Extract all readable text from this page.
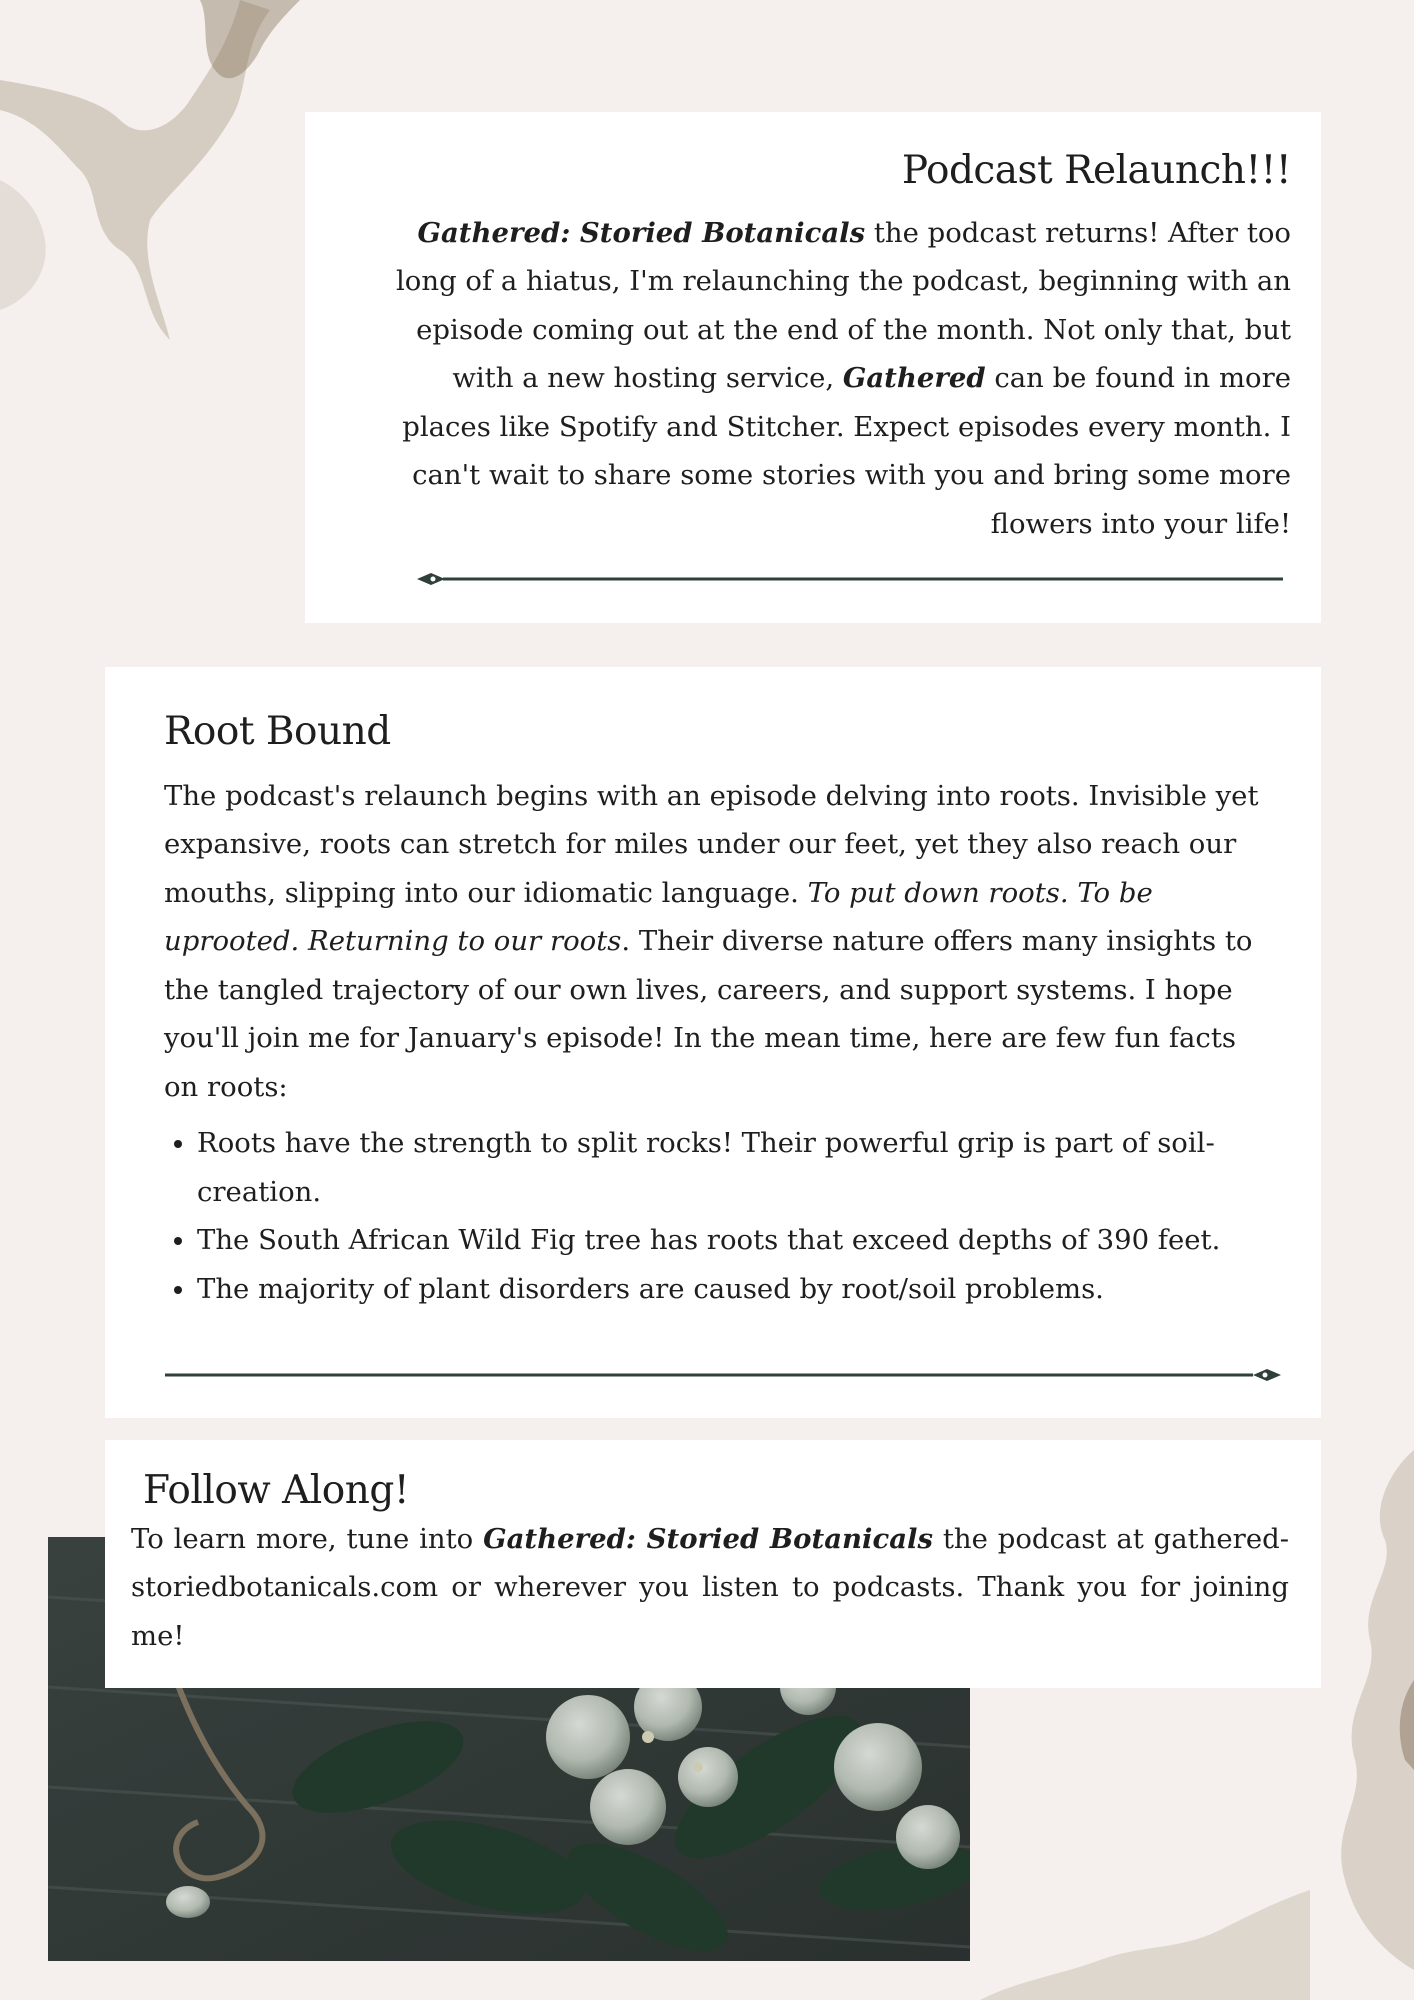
Podcast Relaunch!!!

Gathered: Storied Botanicals the podcast returns! After too long of a hiatus, I'm relaunching the podcast, beginning with an episode coming out at the end of the month. Not only that, but with a new hosting service, Gathered can be found in more places like Spotify and Stitcher. Expect episodes every month. I can't wait to share some stories with you and bring some more flowers into your life!

Root Bound

The podcast's relaunch begins with an episode delving into roots. Invisible yet expansive, roots can stretch for miles under our feet, yet they also reach our mouths, slipping into our idiomatic language. To put down roots. To be uprooted. Returning to our roots. Their diverse nature offers many insights to the tangled trajectory of our own lives, careers, and support systems. I hope you'll join me for January's episode! In the mean time, here are few fun facts on roots:

• Roots have the strength to split rocks! Their powerful grip is part of soil-creation.
• The South African Wild Fig tree has roots that exceed depths of 390 feet.
• The majority of plant disorders are caused by root/soil problems.
Follow Along!

To learn more, tune into Gathered: Storied Botanicals the podcast at gathered-storiedbotanicals.com or wherever you listen to podcasts. Thank you for joining me!
